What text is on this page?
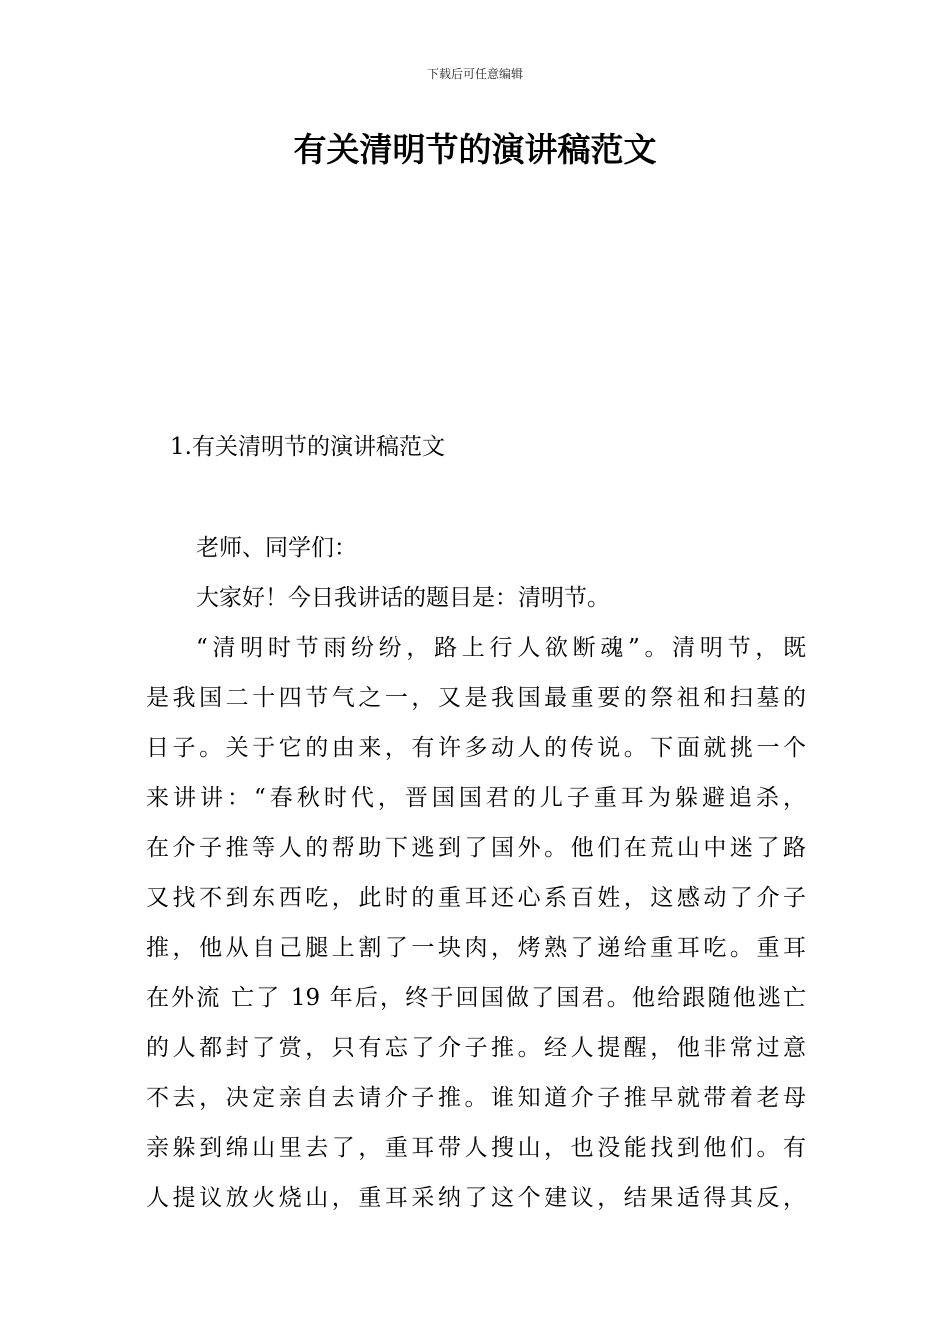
下载后可任意编辑
有关清明节的演讲稿范文
1.有关清明节的演讲稿范文
老师、同学们：
大家好！今日我讲话的题目是：清明节。
“清明时节雨纷纷，路上行人欲断魂”。清明节，既
是我国二十四节气之一，又是我国最重要的祭祖和扫墓的
日子。关于它的由来，有许多动人的传说。下面就挑一个
来讲讲：“春秋时代，晋国国君的儿子重耳为躲避追杀，
在介子推等人的帮助下逃到了国外。他们在荒山中迷了路
又找不到东西吃，此时的重耳还心系百姓，这感动了介子
推，他从自己腿上割了一块肉，烤熟了递给重耳吃。重耳
在外流 亡了 19 年后，终于回国做了国君。他给跟随他逃亡
的人都封了赏，只有忘了介子推。经人提醒，他非常过意
不去，决定亲自去请介子推。谁知道介子推早就带着老母
亲躲到绵山里去了，重耳带人搜山，也没能找到他们。有
人提议放火烧山，重耳采纳了这个建议，结果适得其反，
